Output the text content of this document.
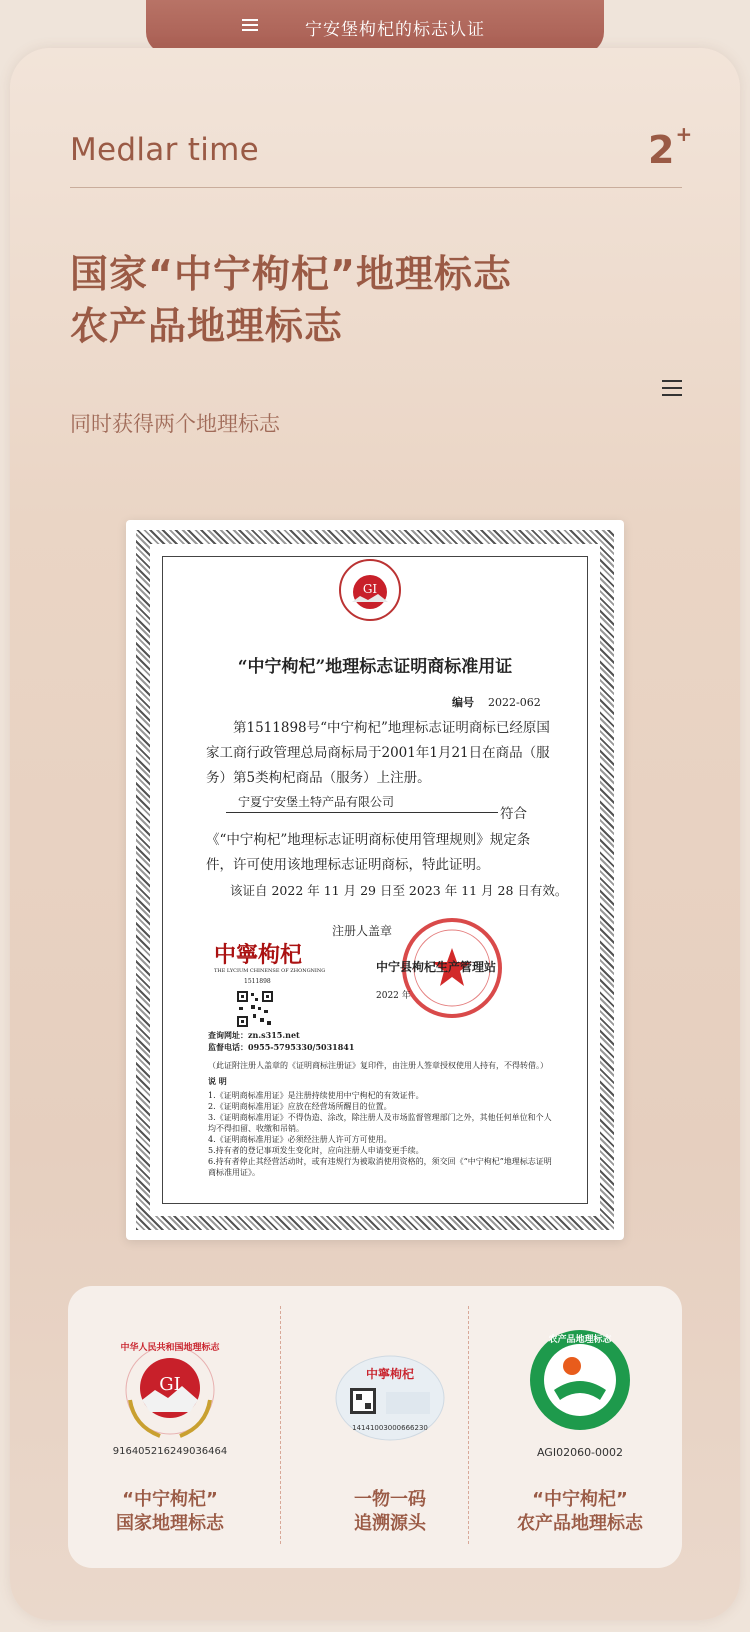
宁安堡枸杞的标志认证
Medlar time	2+
国家“中宁枸杞”地理标志
农产品地理标志
同时获得两个地理标志
GI
“中宁枸杞”地理标志证明商标准用证
编号 2022-062
第1511898号“中宁枸杞”地理标志证明商标已经原国家工商行政管理总局商标局于2001年1月21日在商品（服务）第5类枸杞商品（服务）上注册。
宁夏宁安堡土特产品有限公司
符合
《“中宁枸杞”地理标志证明商标使用管理规则》规定条件，许可使用该地理标志证明商标，特此证明。
该证自 2022 年 11 月 29 日至 2023 年 11 月 28 日有效。
注册人盖章
中寧枸杞
THE LYCIUM CHINENSE OF ZHONGNING
1511898
中宁县枸杞生产管理站
2022 年
查询网址：zn.s315.net
监督电话：0955-5795330/5031841
（此证附注册人盖章的《证明商标注册证》复印件，由注册人签章授权使用人持有，不得转借。）
说 明
1.《证明商标准用证》是注册持续使用中宁枸杞的有效证件。
2.《证明商标准用证》应放在经营场所醒目的位置。
3.《证明商标准用证》不得伪造、涂改，除注册人及市场监督管理部门之外，其他任何单位和个人均不得扣留、收缴和吊销。
4.《证明商标准用证》必须经注册人许可方可使用。
5.持有者的登记事项发生变化时，应向注册人申请变更手续。
6.持有者停止其经营活动时，或有违规行为被取消使用资格的，须交回《“中宁枸杞”地理标志证明商标准用证》。
GI
中华人民共和国地理标志
916405216249036464
“中宁枸杞”
国家地理标志
中寧枸杞
14141003000666230
一物一码
追溯源头
农产品地理标志
AGI02060-0002
“中宁枸杞”
农产品地理标志
